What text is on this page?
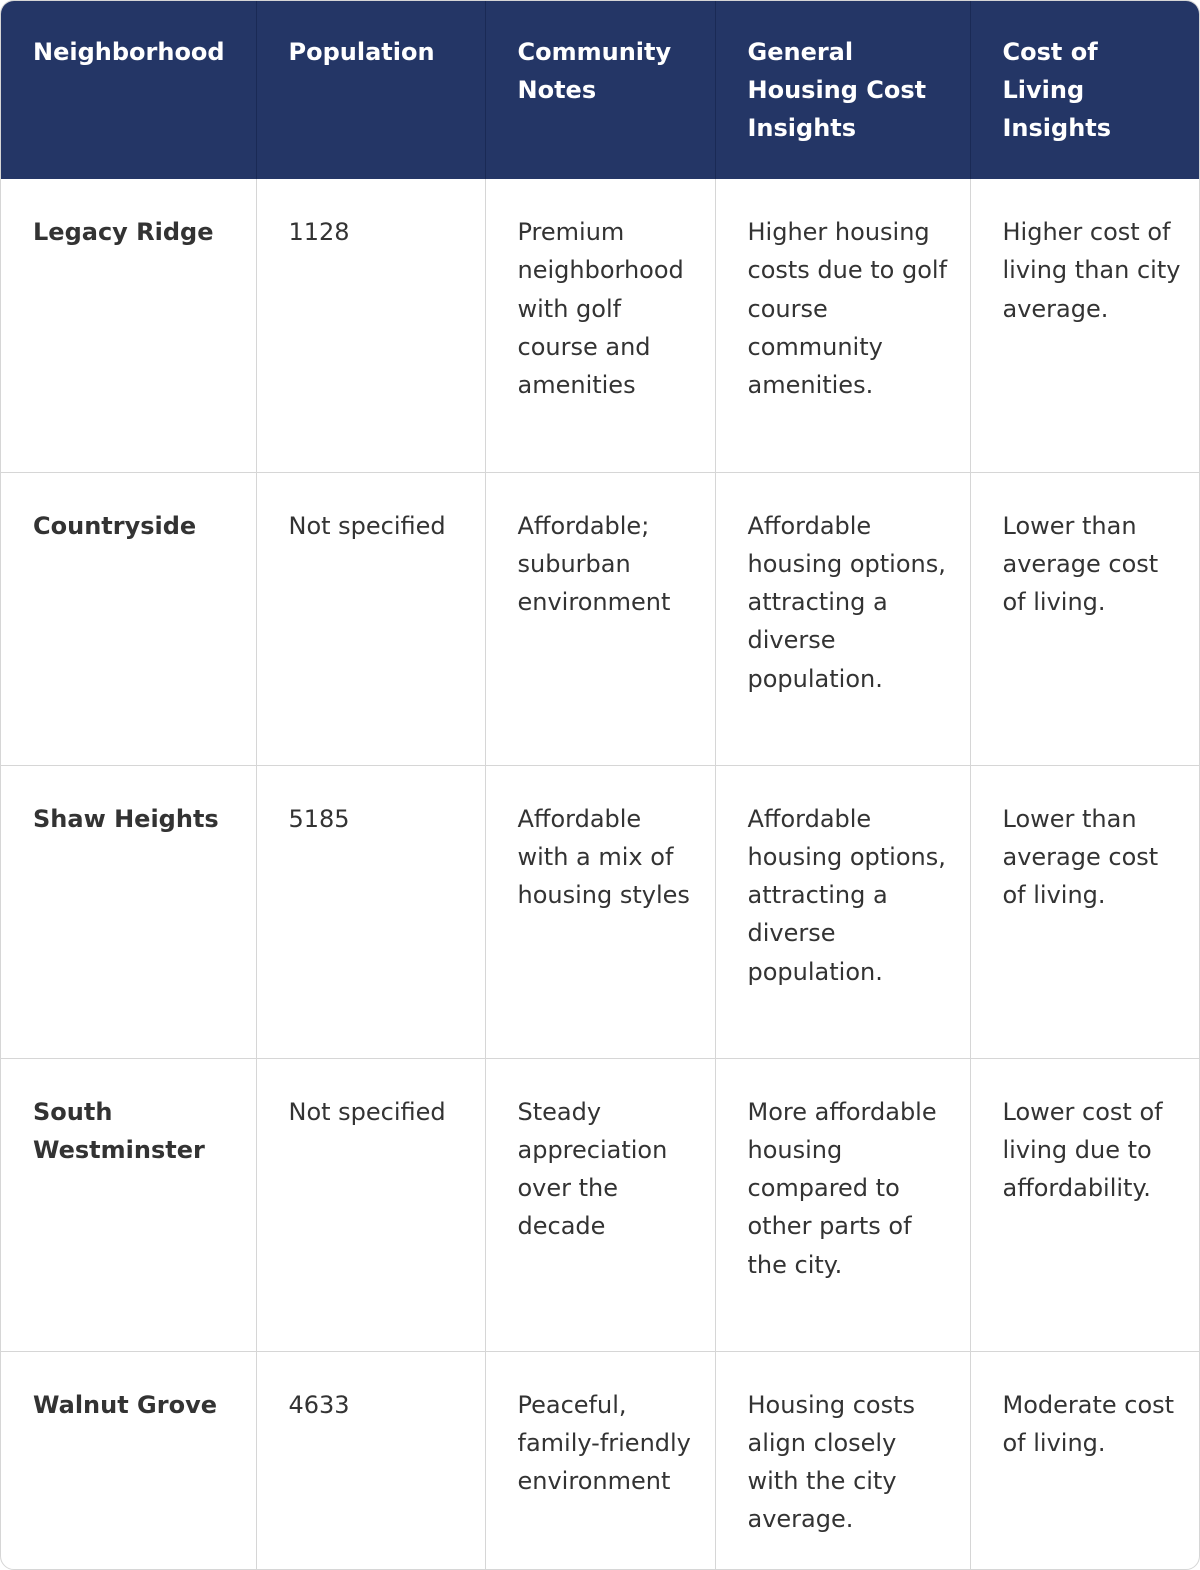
Neighborhood	Population	Community Notes	General Housing Cost Insights	Cost of Living Insights
Legacy Ridge	1128	Premium neighborhood with golf course and amenities	Higher housing costs due to golf course community amenities.	Higher cost of living than city average.
Countryside	Not specified	Affordable; suburban environment	Affordable housing options, attracting a diverse population.	Lower than average cost of living.
Shaw Heights	5185	Affordable with a mix of housing styles	Affordable housing options, attracting a diverse population.	Lower than average cost of living.
South Westminster	Not specified	Steady appreciation over the decade	More affordable housing compared to other parts of the city.	Lower cost of living due to affordability.
Walnut Grove	4633	Peaceful, family-friendly environment	Housing costs align closely with the city average.	Moderate cost of living.
